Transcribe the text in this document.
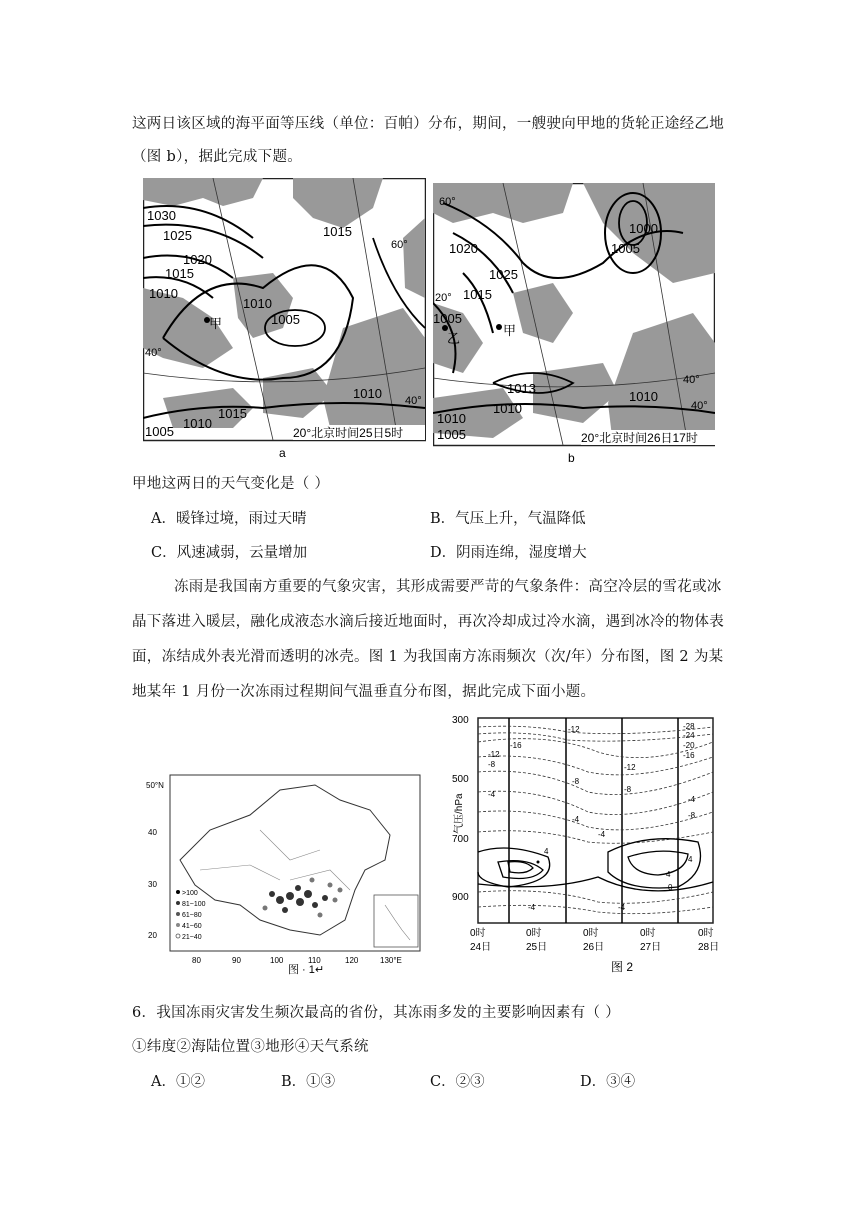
这两日该区域的海平面等压线（单位：百帕）分布，期间，一艘驶向甲地的货轮正途经乙地
（图 b），据此完成下题。
1030
1025
1020
1015
1010
1005
1010
1015
1015
1010
1005
1010
甲
60°
40°
40°
20°北京时间25日5时
a
60°
1020
1025
1015
1005
乙
甲
1005
1000
1013
1010
1010
1005
40°
40°
20°
1010
20°北京时间26日17时
b
甲地这两日的天气变化是（ ）
A．暖锋过境，雨过天晴	B．气压上升，气温降低
C．风速减弱，云量增加	D．阴雨连绵，湿度增大
冻雨是我国南方重要的气象灾害，其形成需要严苛的气象条件：高空冷层的雪花或冰
晶下落进入暖层，融化成液态水滴后接近地面时，再次冷却成过冷水滴，遇到冰冷的物体表
面，冻结成外表光滑而透明的冰壳。图 1 为我国南方冻雨频次（次/年）分布图，图 2 为某
地某年 1 月份一次冻雨过程期间气温垂直分布图，据此完成下面小题。
50°N
40
30
20
80	90	100	110	120	130°E
>100
81~100
61~80
41~60
21~40
图 · 1↵
300
500
700
900
气压/hPa
-28
-24
-20
-16
-12
-8
-4
-16
-12
-8
-4
-12
-8
-4
-8
-4
-4
4
4
0
4
-4
0时	0时	0时	0时	0时
24日	25日	26日	27日	28日
图 2
6．我国冻雨灾害发生频次最高的省份，其冻雨多发的主要影响因素有（ ）
①纬度②海陆位置③地形④天气系统
A．①②	B．①③	C．②③	D．③④
